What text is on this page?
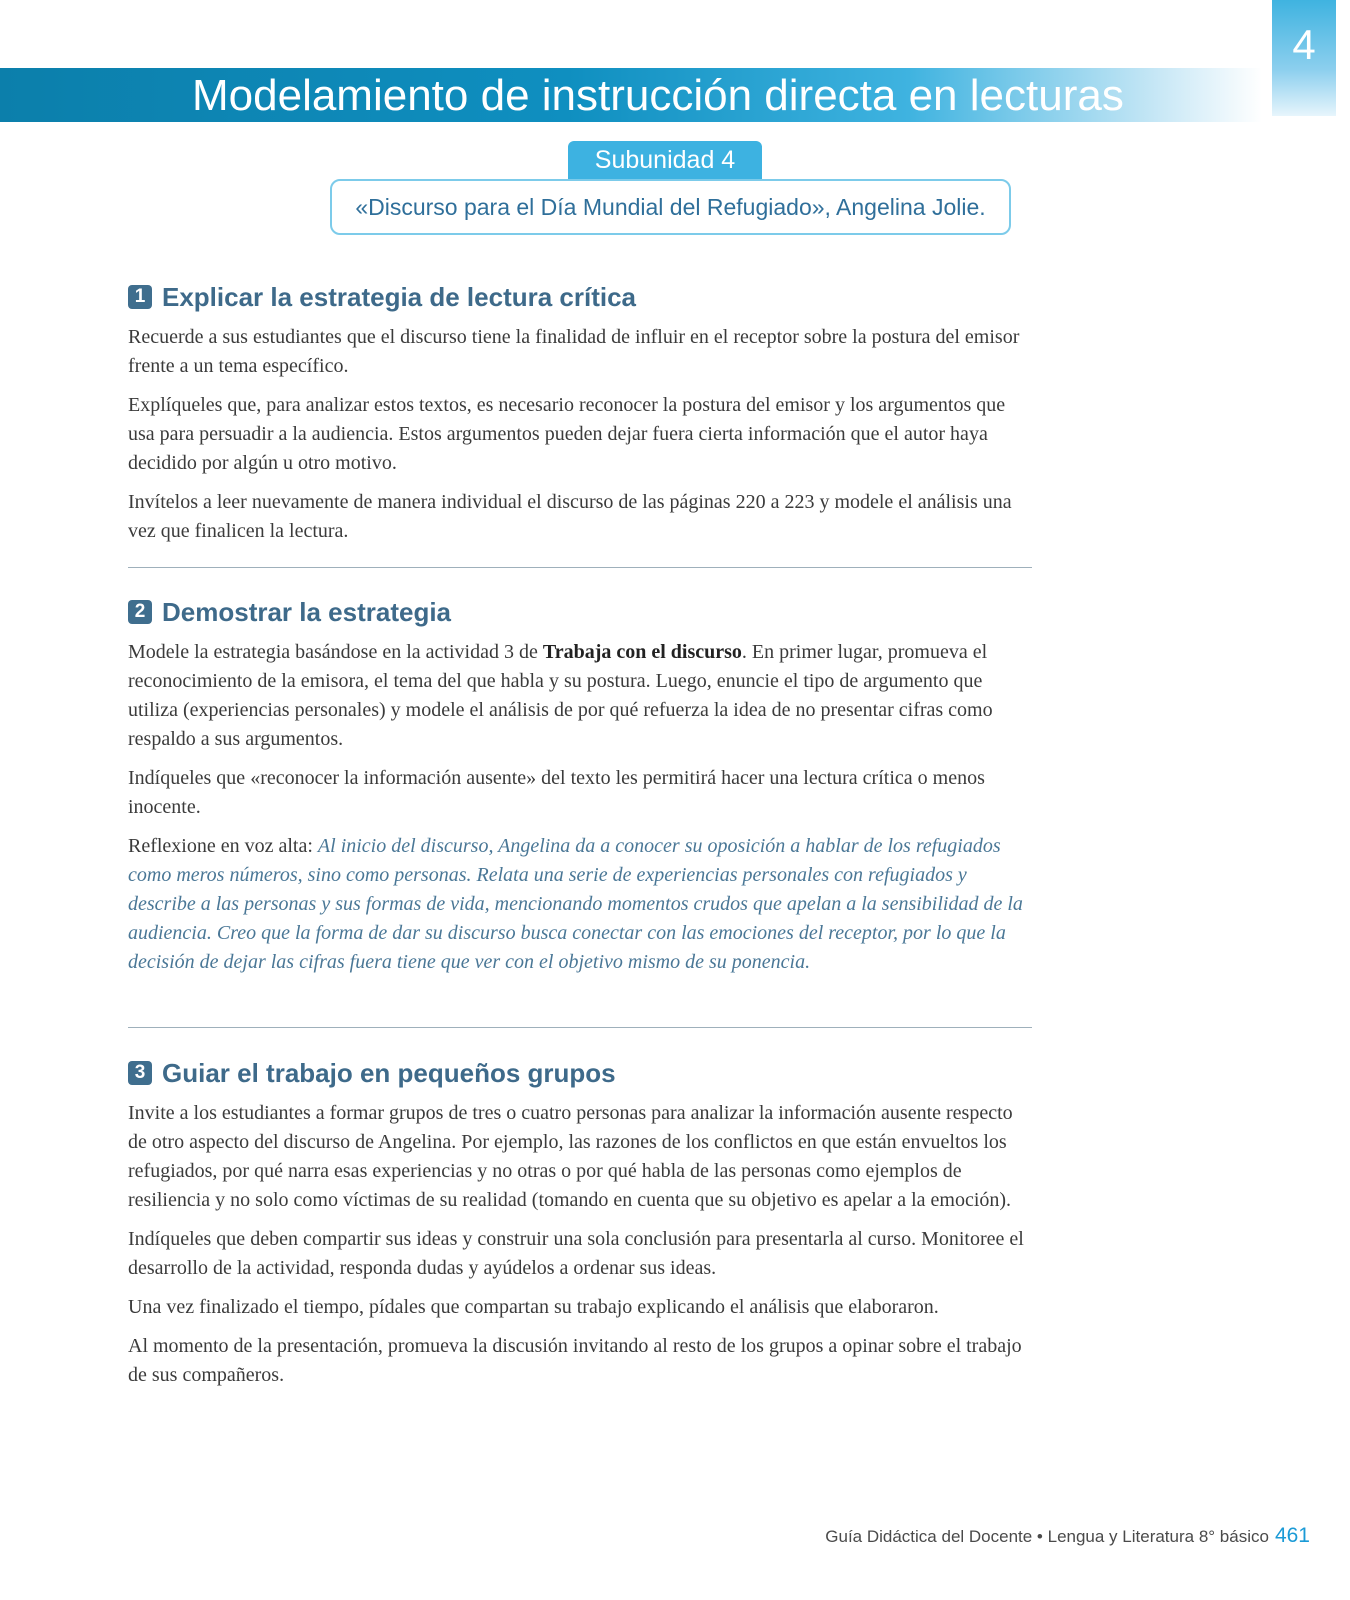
Modelamiento de instrucción directa en lecturas
4
Subunidad 4
«Discurso para el Día Mundial del Refugiado», Angelina Jolie.
1 Explicar la estrategia de lectura crítica

Recuerde a sus estudiantes que el discurso tiene la finalidad de influir en el receptor sobre la postura del emisor frente a un tema específico.

Explíqueles que, para analizar estos textos, es necesario reconocer la postura del emisor y los argumentos que usa para persuadir a la audiencia. Estos argumentos pueden dejar fuera cierta información que el autor haya decidido por algún u otro motivo.

Invítelos a leer nuevamente de manera individual el discurso de las páginas 220 a 223 y modele el análisis una vez que finalicen la lectura.

2 Demostrar la estrategia

Modele la estrategia basándose en la actividad 3 de Trabaja con el discurso. En primer lugar, promueva el reconocimiento de la emisora, el tema del que habla y su postura. Luego, enuncie el tipo de argumento que utiliza (experiencias personales) y modele el análisis de por qué refuerza la idea de no presentar cifras como respaldo a sus argumentos.

Indíqueles que «reconocer la información ausente» del texto les permitirá hacer una lectura crítica o menos inocente.

Reflexione en voz alta: Al inicio del discurso, Angelina da a conocer su oposición a hablar de los refugiados como meros números, sino como personas. Relata una serie de experiencias personales con refugiados y describe a las personas y sus formas de vida, mencionando momentos crudos que apelan a la sensibilidad de la audiencia. Creo que la forma de dar su discurso busca conectar con las emociones del receptor, por lo que la decisión de dejar las cifras fuera tiene que ver con el objetivo mismo de su ponencia.

3 Guiar el trabajo en pequeños grupos

Invite a los estudiantes a formar grupos de tres o cuatro personas para analizar la información ausente respecto de otro aspecto del discurso de Angelina. Por ejemplo, las razones de los conflictos en que están envueltos los refugiados, por qué narra esas experiencias y no otras o por qué habla de las personas como ejemplos de resiliencia y no solo como víctimas de su realidad (tomando en cuenta que su objetivo es apelar a la emoción).

Indíqueles que deben compartir sus ideas y construir una sola conclusión para presentarla al curso. Monitoree el desarrollo de la actividad, responda dudas y ayúdelos a ordenar sus ideas.

Una vez finalizado el tiempo, pídales que compartan su trabajo explicando el análisis que elaboraron.

Al momento de la presentación, promueva la discusión invitando al resto de los grupos a opinar sobre el trabajo de sus compañeros.

Guía Didáctica del Docente • Lengua y Literatura 8° básico 461
